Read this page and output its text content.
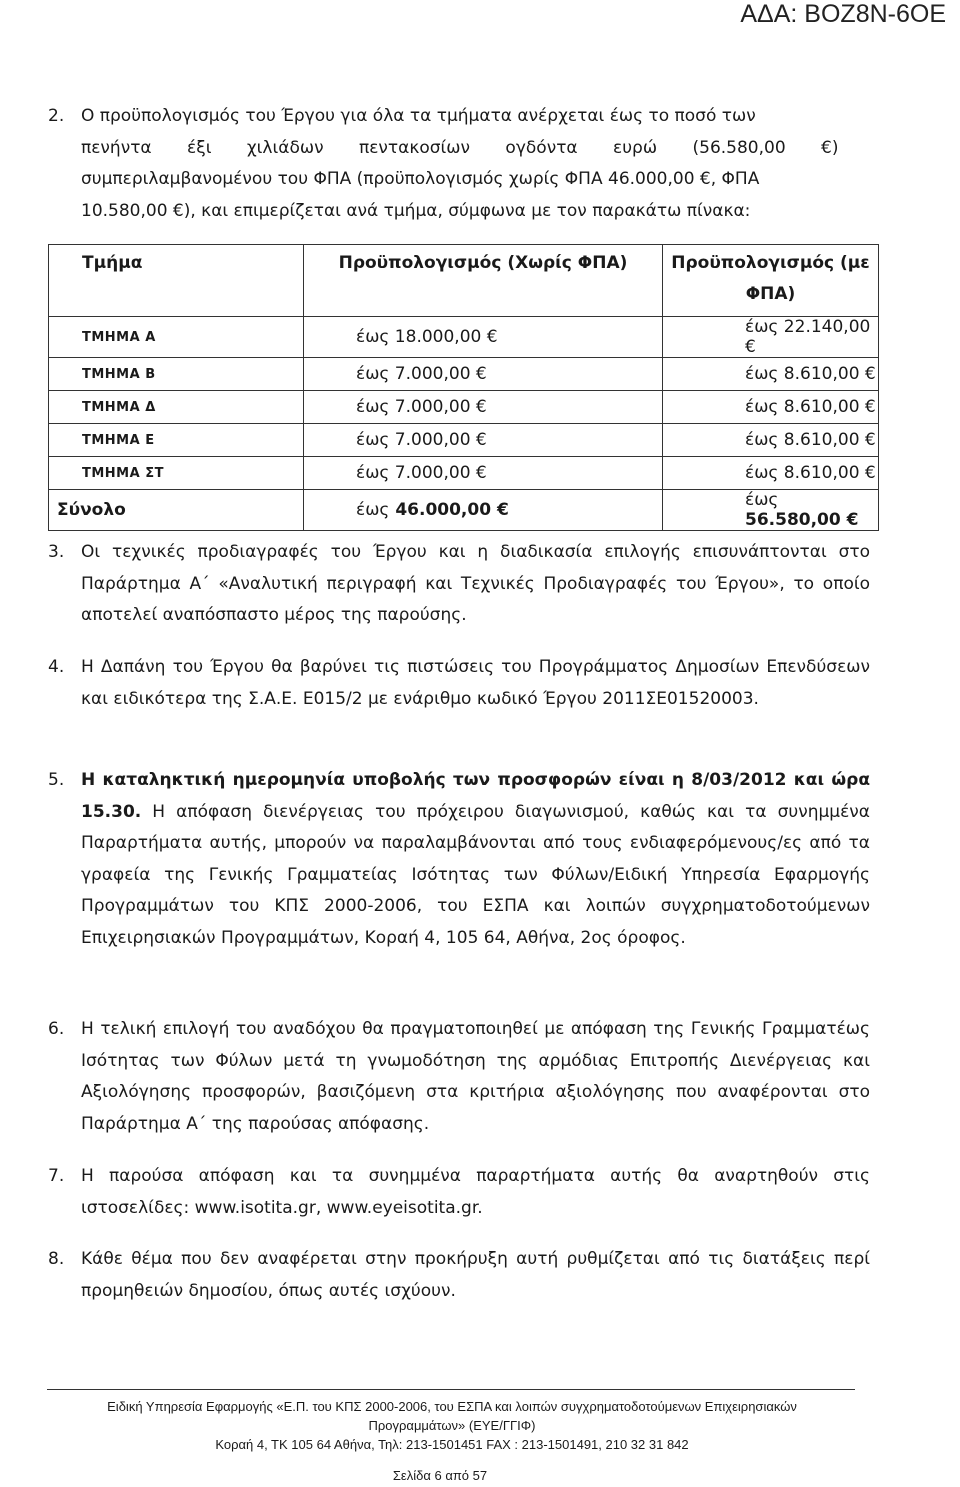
ΑΔΑ: ΒΟΖ8Ν-6ΟΕ
2. Ο προϋπολογισμός του Έργου για όλα τα τμήματα ανέρχεται έως το ποσό των
πενήντα έξι χιλιάδων πεντακοσίων ογδόντα ευρώ (56.580,00 €)
συμπεριλαμβανομένου του ΦΠΑ (προϋπολογισμός χωρίς ΦΠΑ 46.000,00 €, ΦΠΑ
10.580,00 €), και επιμερίζεται ανά τμήμα, σύμφωνα με τον παρακάτω πίνακα:
Τμήμα	Προϋπολογισμός (Χωρίς ΦΠΑ)	Προϋπολογισμός (με ΦΠΑ)
ΤΜΗΜΑ Α	έως 18.000,00 €	έως 22.140,00 €
ΤΜΗΜΑ Β	έως 7.000,00 €	έως 8.610,00 €
ΤΜΗΜΑ Δ	έως 7.000,00 €	έως 8.610,00 €
ΤΜΗΜΑ Ε	έως 7.000,00 €	έως 8.610,00 €
ΤΜΗΜΑ ΣΤ	έως 7.000,00 €	έως 8.610,00 €
Σύνολο	έως 46.000,00 €	έως 56.580,00 €
3. Οι τεχνικές προδιαγραφές του Έργου και η διαδικασία επιλογής επισυνάπτονται στο Παράρτημα Α΄ «Αναλυτική περιγραφή και Τεχνικές Προδιαγραφές του Έργου», το οποίο αποτελεί αναπόσπαστο μέρος της παρούσης.
4. Η Δαπάνη του Έργου θα βαρύνει τις πιστώσεις του Προγράμματος Δημοσίων Επενδύσεων και ειδικότερα της Σ.Α.Ε. Ε015/2 με ενάριθμο κωδικό Έργου 2011ΣΕ01520003.
5. Η καταληκτική ημερομηνία υποβολής των προσφορών είναι η 8/03/2012 και ώρα 15.30. Η απόφαση διενέργειας του πρόχειρου διαγωνισμού, καθώς και τα συνημμένα Παραρτήματα αυτής, μπορούν να παραλαμβάνονται από τους ενδιαφερόμενους/ες από τα γραφεία της Γενικής Γραμματείας Ισότητας των Φύλων/Ειδική Υπηρεσία Εφαρμογής Προγραμμάτων του ΚΠΣ 2000-2006, του ΕΣΠΑ και λοιπών συγχρηματοδοτούμενων Επιχειρησιακών Προγραμμάτων, Κοραή 4, 105 64, Αθήνα, 2ος όροφος.
6. Η τελική επιλογή του αναδόχου θα πραγματοποιηθεί με απόφαση της Γενικής Γραμματέως Ισότητας των Φύλων μετά τη γνωμοδότηση της αρμόδιας Επιτροπής Διενέργειας και Αξιολόγησης προσφορών, βασιζόμενη στα κριτήρια αξιολόγησης που αναφέρονται στο Παράρτημα Α΄ της παρούσας απόφασης.
7. Η παρούσα απόφαση και τα συνημμένα παραρτήματα αυτής θα αναρτηθούν στις ιστοσελίδες: www.isotita.gr, www.eyeisotita.gr.
8. Κάθε θέμα που δεν αναφέρεται στην προκήρυξη αυτή ρυθμίζεται από τις διατάξεις περί προμηθειών δημοσίου, όπως αυτές ισχύουν.
Ειδική Υπηρεσία Εφαρμογής «Ε.Π. του ΚΠΣ 2000-2006, του ΕΣΠΑ και λοιπών συγχρηματοδοτούμενων Επιχειρησιακών
Προγραμμάτων» (ΕΥΕ/ΓΓΙΦ)
Κοραή 4, ΤΚ 105 64 Αθήνα, Τηλ: 213-1501451 FAX : 213-1501491, 210 32 31 842
Σελίδα 6 από 57
